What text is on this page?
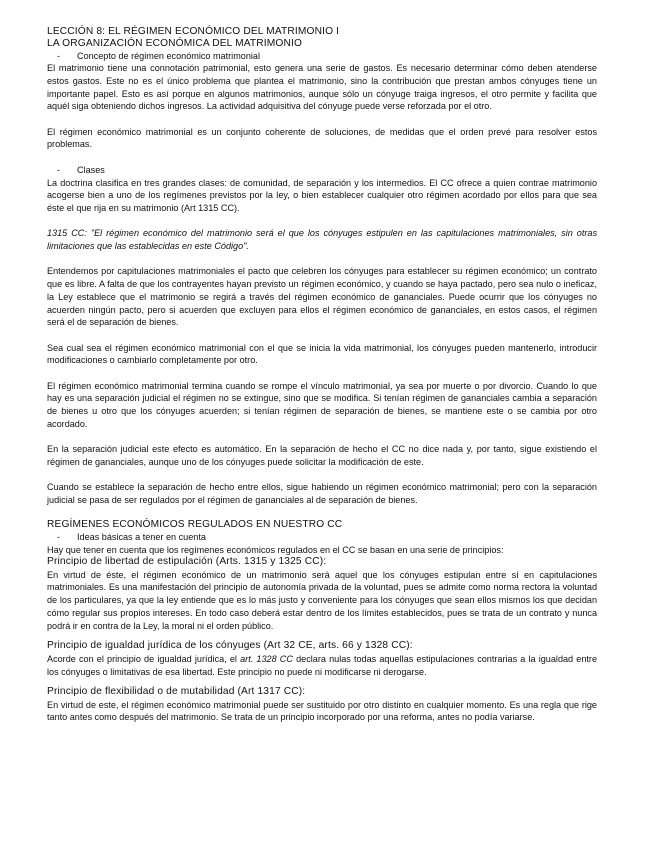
LECCIÓN 8: EL RÉGIMEN ECONÓMICO DEL MATRIMONIO I
LA ORGANIZACIÓN ECONÓMICA DEL MATRIMONIO
-	Concepto de régimen económico matrimonial

El matrimonio tiene una connotación patrimonial, esto genera una serie de gastos. Es necesario determinar cómo deben atenderse estos gastos. Este no es el único problema que plantea el matrimonio, sino la contribución que prestan ambos cónyuges tiene un importante papel. Esto es así porque en algunos matrimonios, aunque sólo un cónyuge traiga ingresos, el otro permite y facilita que aquél siga obteniendo dichos ingresos. La actividad adquisitiva del cónyuge puede verse reforzada por el otro.

El régimen económico matrimonial es un conjunto coherente de soluciones, de medidas que el orden prevé para resolver estos problemas.

-	Clases

La doctrina clasifica en tres grandes clases: de comunidad, de separación y los intermedios. El CC ofrece a quien contrae matrimonio acogerse bien a uno de los regímenes previstos por la ley, o bien establecer cualquier otro régimen acordado por ellos para que sea éste el que rija en su matrimonio (Art 1315 CC).

1315 CC: "El régimen económico del matrimonio será el que los cónyuges estipulen en las capitulaciones matrimoniales, sin otras limitaciones que las establecidas en este Código".

Entendemos por capitulaciones matrimoniales el pacto que celebren los cónyuges para establecer su régimen económico; un contrato que es libre. A falta de que los contrayentes hayan previsto un régimen económico, y cuando se haya pactado, pero sea nulo o ineficaz, la Ley establece que el matrimonio se regirá a través del régimen económico de gananciales. Puede ocurrir que los cónyuges no acuerden ningún pacto, pero si acuerden que excluyen para ellos el régimen económico de gananciales, en estos casos, el régimen será el de separación de bienes.

Sea cual sea el régimen económico matrimonial con el que se inicia la vida matrimonial, los cónyuges pueden mantenerlo, introducir modificaciones o cambiarlo completamente por otro.

El régimen económico matrimonial termina cuando se rompe el vínculo matrimonial, ya sea por muerte o por divorcio. Cuando lo que hay es una separación judicial el régimen no se extingue, sino que se modifica. Si tenían régimen de gananciales cambia a separación de bienes u otro que los cónyuges acuerden; si tenían régimen de separación de bienes, se mantiene este o se cambia por otro acordado.

En la separación judicial este efecto es automático. En la separación de hecho el CC no dice nada y, por tanto, sigue existiendo el régimen de gananciales, aunque uno de los cónyuges puede solicitar la modificación de este.

Cuando se establece la separación de hecho entre ellos, sigue habiendo un régimen económico matrimonial; pero con la separación judicial se pasa de ser regulados por el régimen de gananciales al de separación de bienes.

REGÍMENES ECONÓMICOS REGULADOS EN NUESTRO CC
-	Ideas básicas a tener en cuenta

Hay que tener en cuenta que los regímenes económicos regulados en el CC se basan en una serie de principios:

Principio de libertad de estipulación (Arts. 1315 y 1325 CC):

En virtud de éste, el régimen económico de un matrimonio será aquel que los cónyuges estipulan entre sí en capitulaciones matrimoniales. Es una manifestación del principio de autonomía privada de la voluntad, pues se admite como norma rectora la voluntad de los particulares, ya que la ley entiende que es lo más justo y conveniente para los cónyuges que sean ellos mismos los que decidan cómo regular sus propios intereses. En todo caso deberá estar dentro de los límites establecidos, pues se trata de un contrato y nunca podrá ir en contra de la Ley, la moral ni el orden público.

Principio de igualdad jurídica de los cónyuges (Art 32 CE, arts. 66 y 1328 CC):

Acorde con el principio de igualdad jurídica, el art. 1328 CC declara nulas todas aquellas estipulaciones contrarias a la igualdad entre los cónyuges o limitativas de esa libertad. Este principio no puede ni modificarse ni derogarse.

Principio de flexibilidad o de mutabilidad (Art 1317 CC):

En virtud de este, el régimen económico matrimonial puede ser sustituido por otro distinto en cualquier momento. Es una regla que rige tanto antes como después del matrimonio. Se trata de un principio incorporado por una reforma, antes no podía variarse.
